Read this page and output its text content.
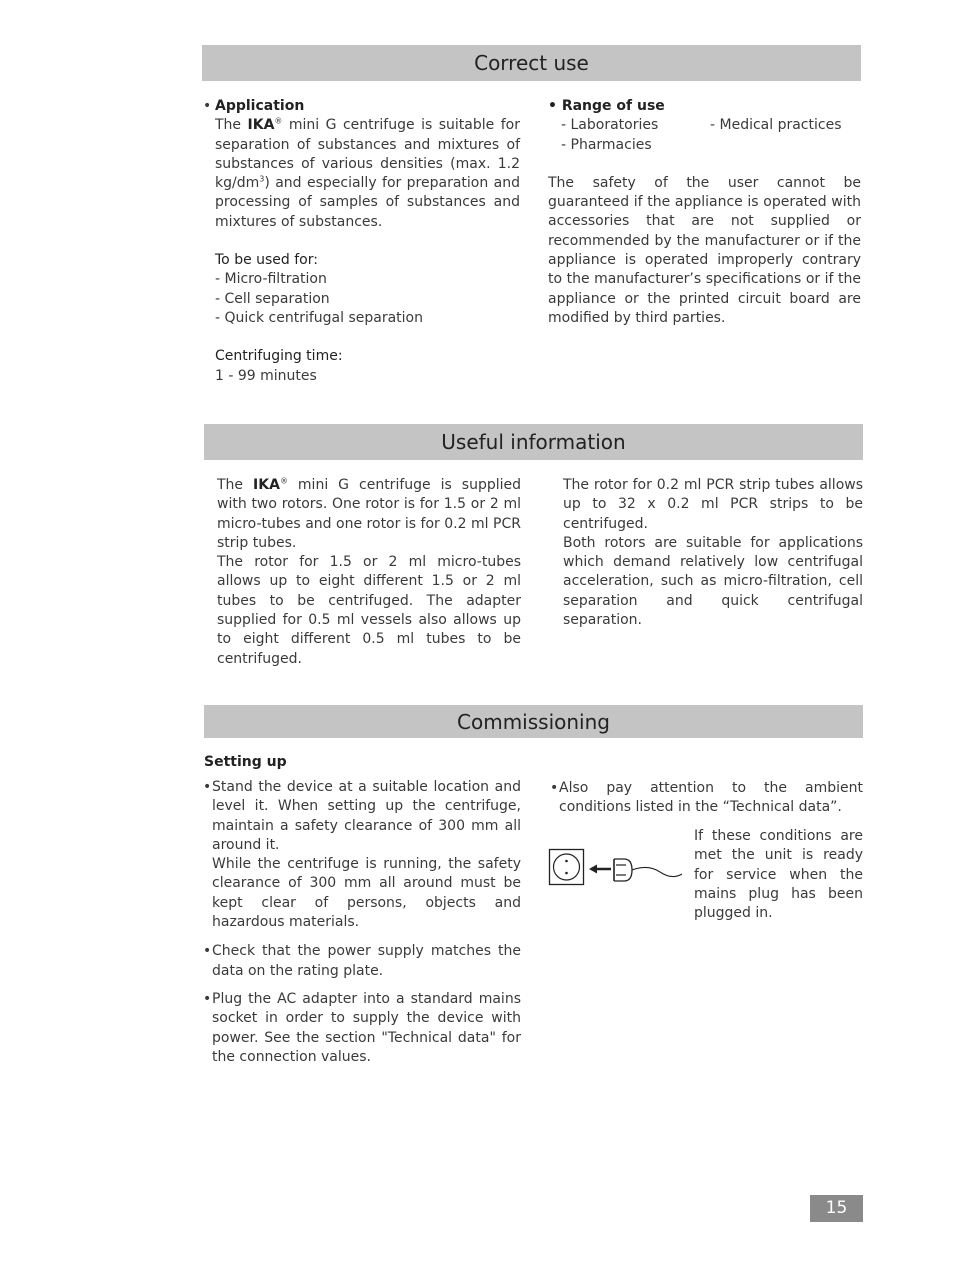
Correct use
• Application

The IKA® mini G centrifuge is suitable for separation of substances and mixtures of substances of various densities (max. 1.2 $kg/dm^3$) and especially for preparation and processing of samples of substances and mixtures of substances.

To be used for:

- Micro-filtration

- Cell separation

- Quick centrifugal separation

Centrifuging time:

1 - 99 minutes

• Range of use

- Laboratories

- Pharmacies

- Medical practices

The safety of the user cannot be guaranteed if the appliance is operated with accessories that are not supplied or recommended by the manufacturer or if the appliance is operated improperly contrary to the manufacturer’s specifications or if the appliance or the printed circuit board are modified by third parties.

Useful information

The IKA® mini G centrifuge is supplied with two rotors. One rotor is for 1.5 or 2 ml micro-tubes and one rotor is for 0.2 ml PCR strip tubes.

The rotor for 1.5 or 2 ml micro-tubes allows up to eight different 1.5 or 2 ml tubes to be centrifuged. The adapter supplied for 0.5 ml vessels also allows up to eight different 0.5 ml tubes to be centrifuged.

The rotor for 0.2 ml PCR strip tubes allows up to 32 x 0.2 ml PCR strips to be centrifuged.

Both rotors are suitable for applications which demand relatively low centrifugal acceleration, such as micro-filtration, cell separation and quick centrifugal separation.

Commissioning

Setting up

• Stand the device at a suitable location and level it. When setting up the centrifuge, maintain a safety clearance of 300 mm all around it.

While the centrifuge is running, the safety clearance of 300 mm all around must be kept clear of persons, objects and hazardous materials.

• Check that the power supply matches the data on the rating plate.

• Plug the AC adapter into a standard mains socket in order to supply the device with power. See the section "Technical data" for the connection values.

• Also pay attention to the ambient conditions listed in the “Technical data”.

If these conditions are met the unit is ready for service when the mains plug has been plugged in.

15
